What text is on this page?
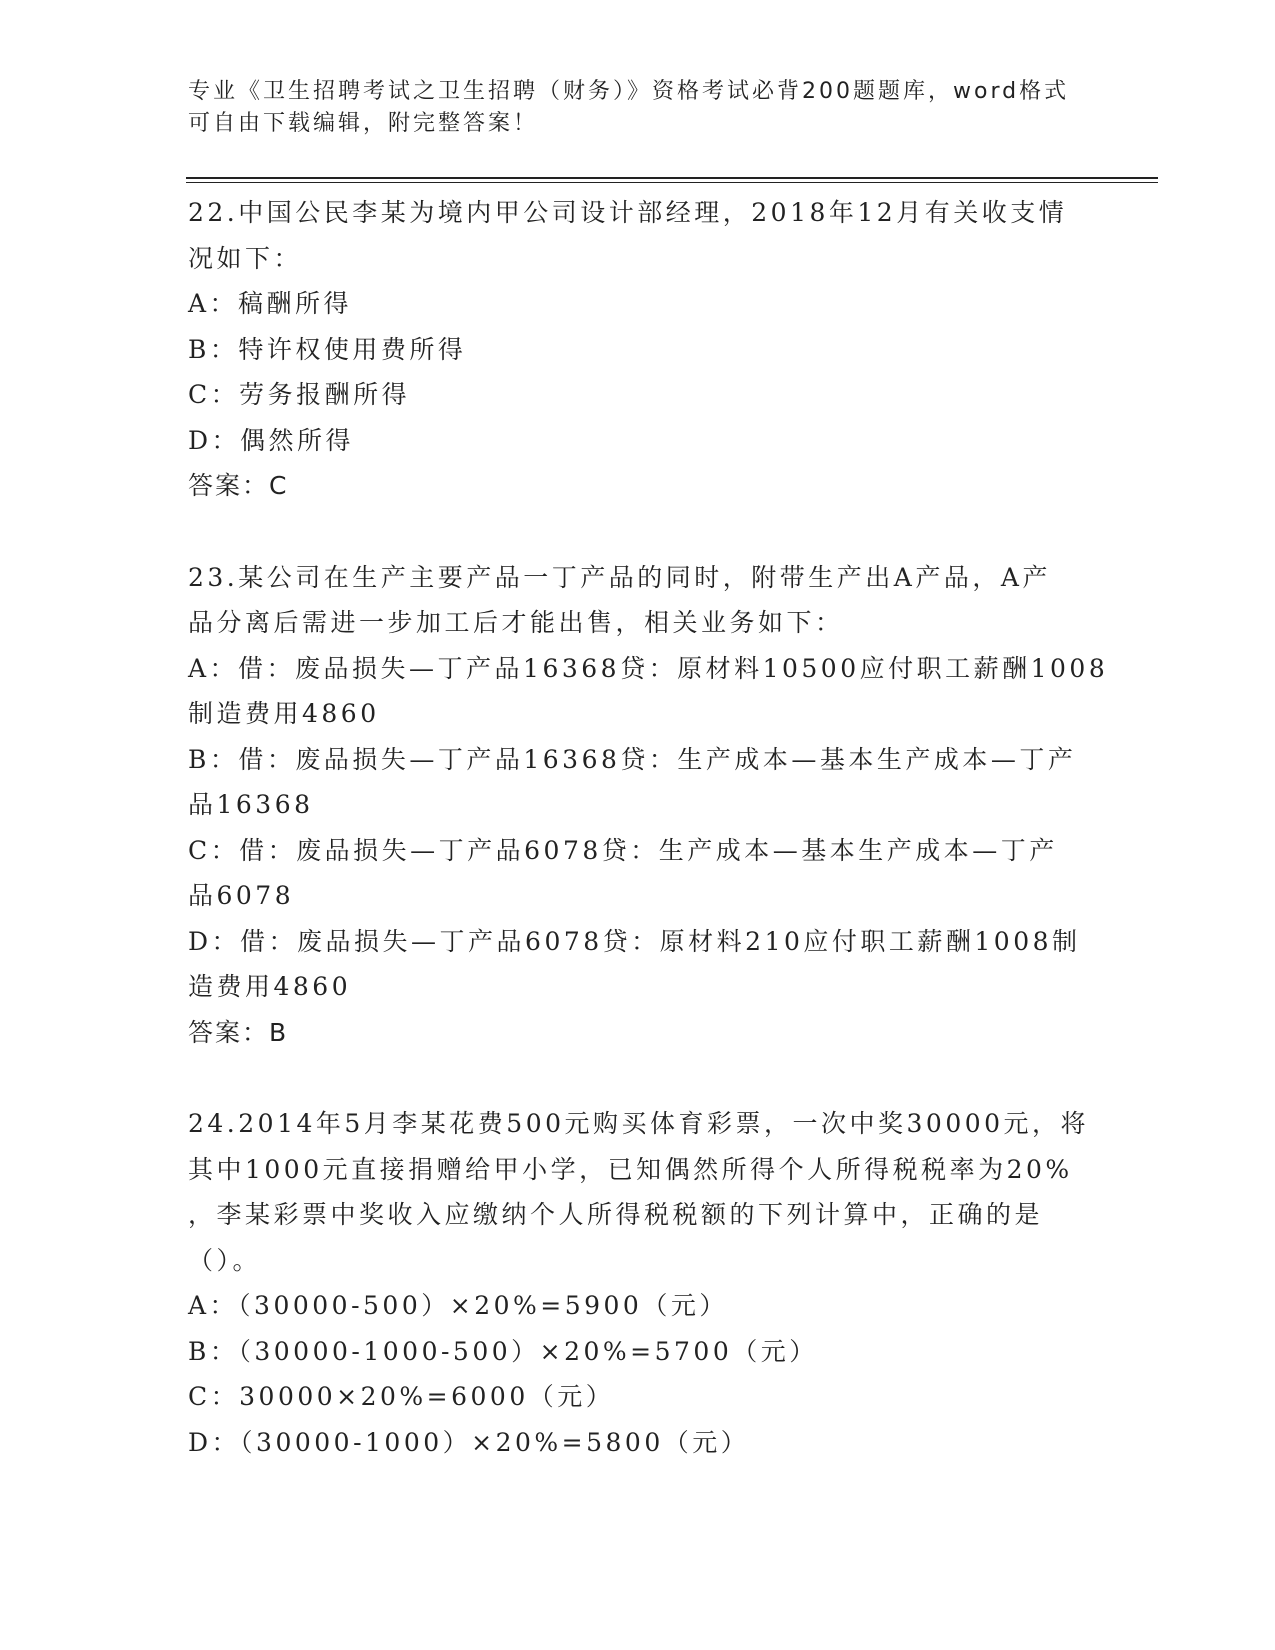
专业《卫生招聘考试之卫生招聘（财务）》资格考试必背200题题库，word格式
可自由下载编辑，附完整答案！
22.中国公民李某为境内甲公司设计部经理，2018年12月有关收支情
况如下：
A：稿酬所得
B：特许权使用费所得
C：劳务报酬所得
D：偶然所得
答案：C
23.某公司在生产主要产品一丁产品的同时，附带生产出A产品，A产
品分离后需进一步加工后才能出售，相关业务如下：
A：借：废品损失—丁产品16368贷：原材料10500应付职工薪酬1008
制造费用4860
B：借：废品损失—丁产品16368贷：生产成本—基本生产成本—丁产
品16368
C：借：废品损失—丁产品6078贷：生产成本—基本生产成本—丁产
品6078
D：借：废品损失—丁产品6078贷：原材料210应付职工薪酬1008制
造费用4860
答案：B
24.2014年5月李某花费500元购买体育彩票，一次中奖30000元，将
其中1000元直接捐赠给甲小学，已知偶然所得个人所得税税率为20%
，李某彩票中奖收入应缴纳个人所得税税额的下列计算中，正确的是
（）。
A：（30000-500）×20%=5900（元）
B：（30000-1000-500）×20%=5700（元）
C：30000×20%=6000（元）
D：（30000-1000）×20%=5800（元）
